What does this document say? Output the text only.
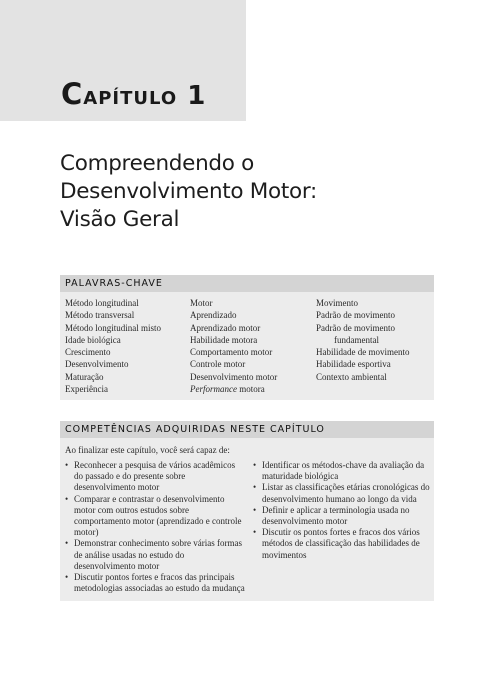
Capítulo 1
Compreendendo o
Desenvolvimento Motor:
Visão Geral
PALAVRAS-CHAVE
Método longitudinal
Método transversal
Método longitudinal misto
Idade biológica
Crescimento
Desenvolvimento
Maturação
Experiência
Motor
Aprendizado
Aprendizado motor
Habilidade motora
Comportamento motor
Controle motor
Desenvolvimento motor
Performance motora
Movimento
Padrão de movimento
Padrão de movimento
fundamental
Habilidade de movimento
Habilidade esportiva
Contexto ambiental
COMPETÊNCIAS ADQUIRIDAS NESTE CAPÍTULO
Ao finalizar este capítulo, você será capaz de:
• Reconhecer a pesquisa de vários acadêmicos do passado e do presente sobre desenvolvimento motor
• Comparar e contrastar o desenvolvimento motor com outros estudos sobre comportamento motor (aprendizado e controle motor)
• Demonstrar conhecimento sobre várias formas de análise usadas no estudo do desenvolvimento motor
• Discutir pontos fortes e fracos das principais metodologias associadas ao estudo da mudança
• Identificar os métodos-chave da avaliação da maturidade biológica
• Listar as classificações etárias cronológicas do desenvolvimento humano ao longo da vida
• Definir e aplicar a terminologia usada no desenvolvimento motor
• Discutir os pontos fortes e fracos dos vários métodos de classificação das habilidades de movimentos
